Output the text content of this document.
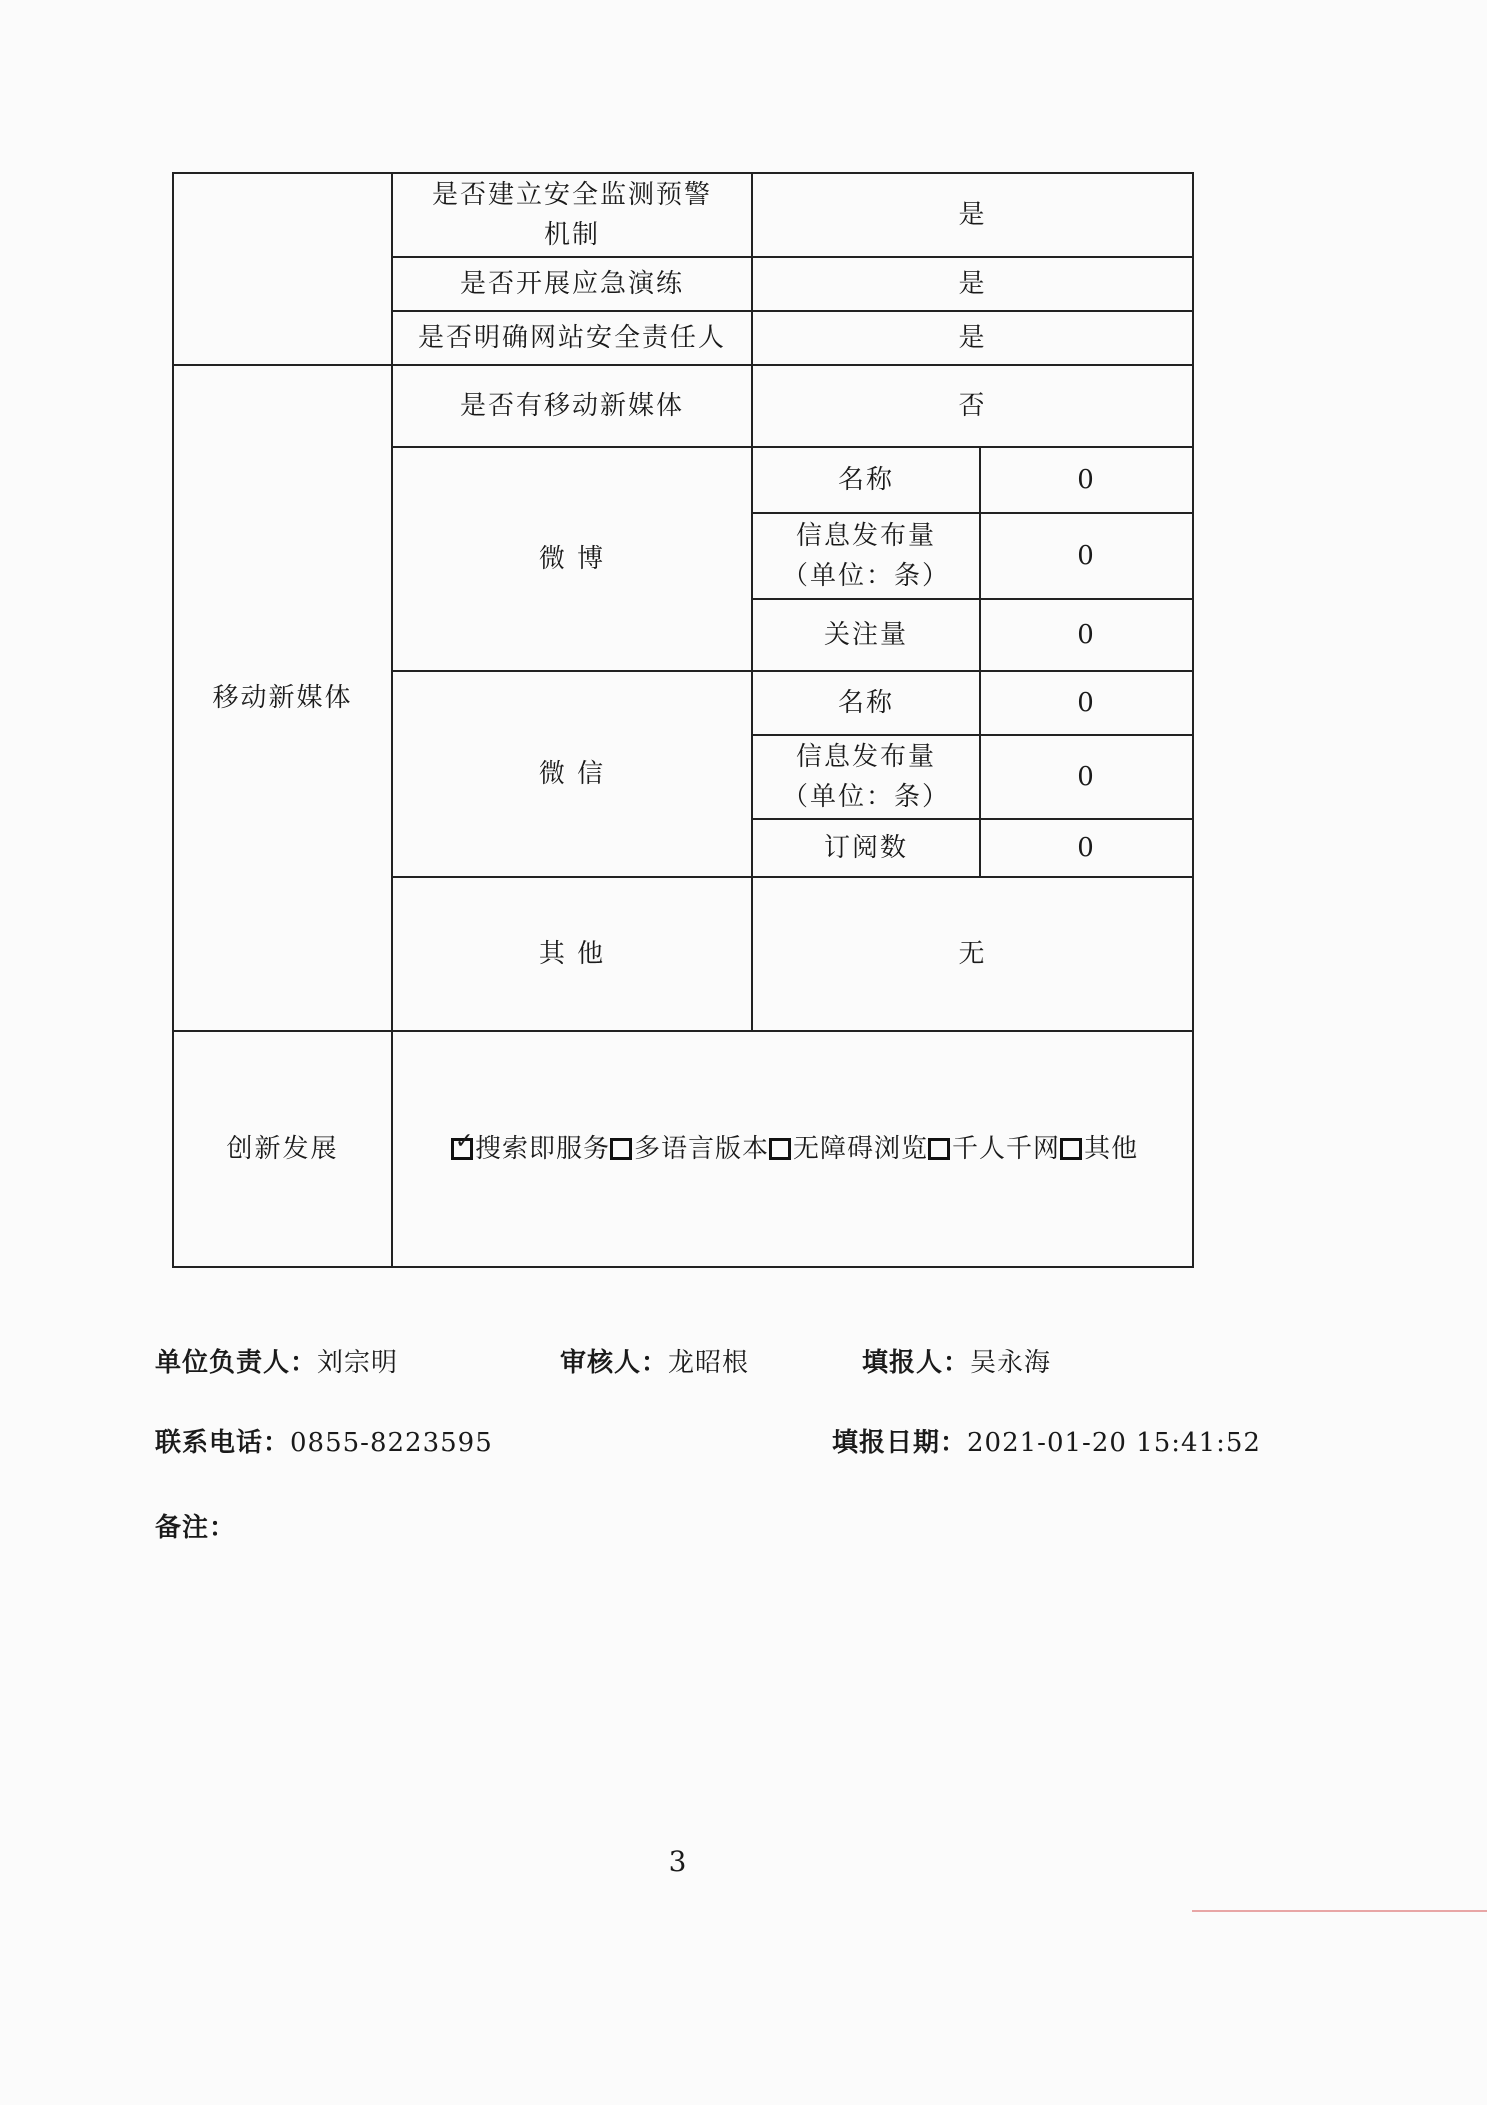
	是否建立安全监测预警
机制	是	
	是否开展应急演练	是	
	是否明确网站安全责任人	是	
移动新媒体	是否有移动新媒体	否	
	微 博	名称	0

		信息发布量
（单位：条）	0
		关注量	0
	微 信	名称	0

		信息发布量
（单位：条）	0
		订阅数	0
	其 他	无	
创新发展	✓ 搜索即服务 多语言版本 无障碍浏览 千人千网 其他		
单位负责人：刘宗明	审核人：龙昭根	填报人：吴永海
联系电话：0855-8223595	填报日期：2021-01-20 15:41:52
备注：
3
